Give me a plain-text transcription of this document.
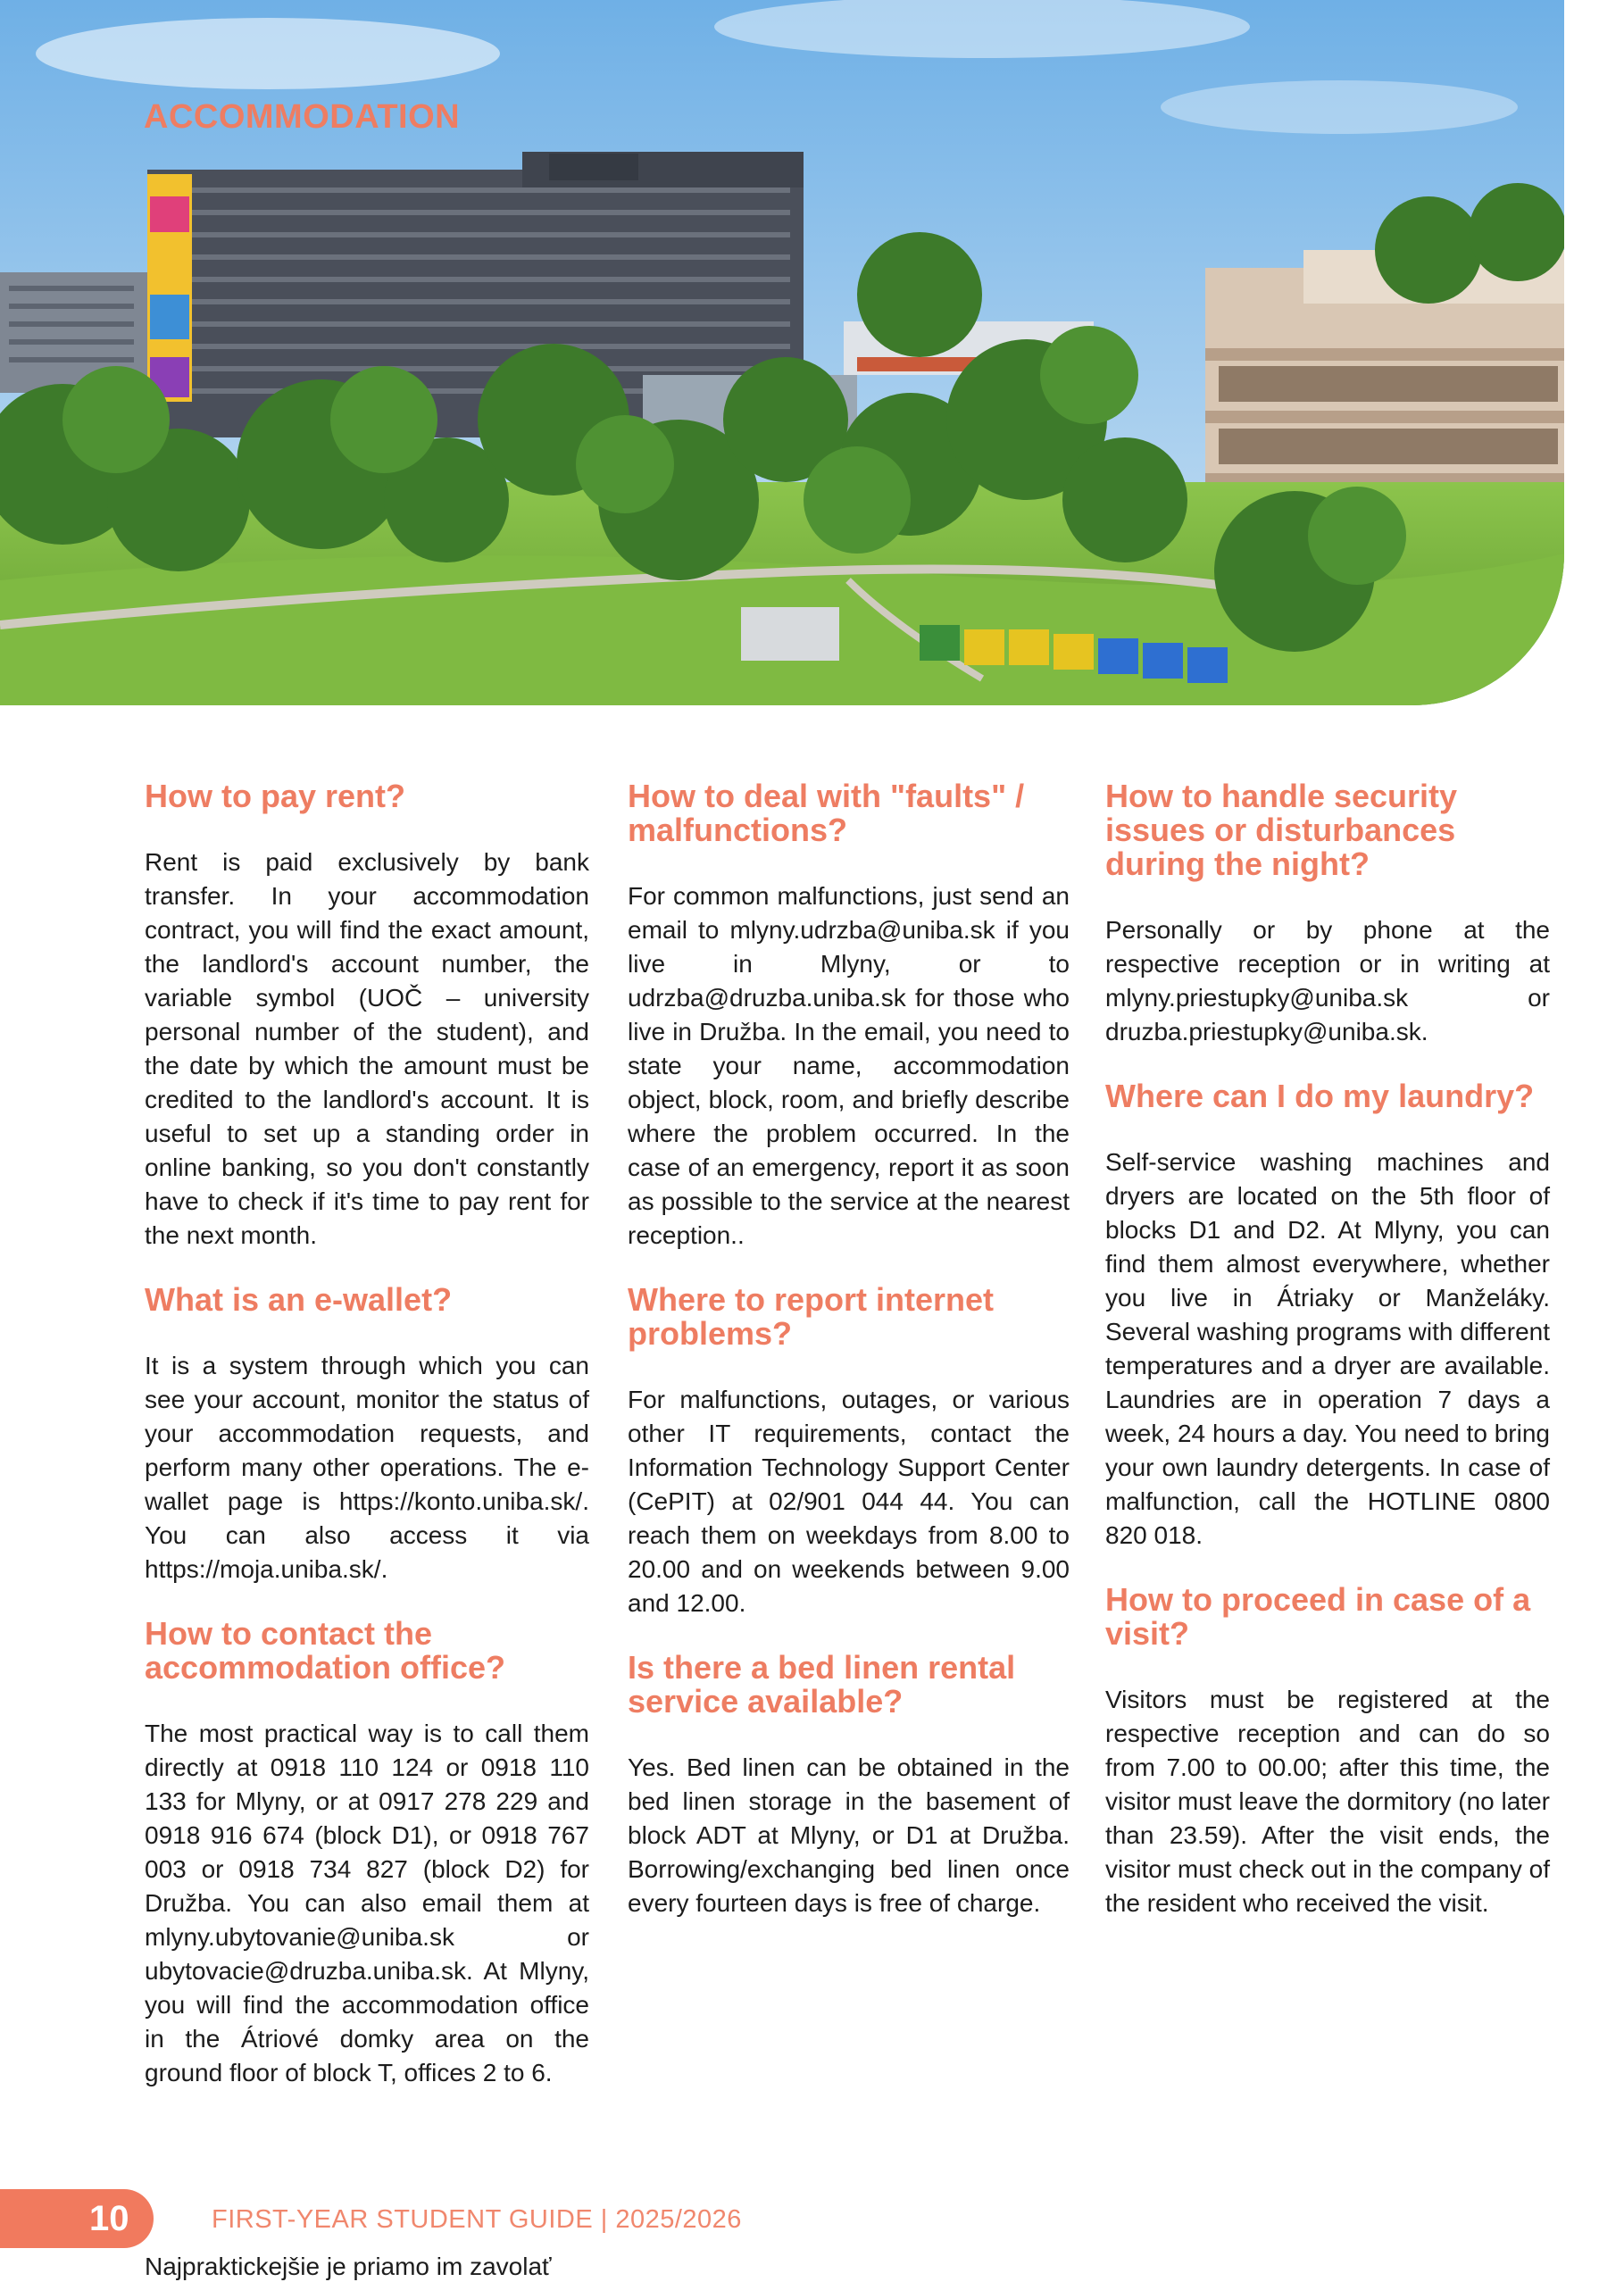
ACCOMMODATION
How to pay rent?

Rent is paid exclusively by bank transfer. In your accommodation contract, you will find the exact amount, the landlord's account number, the variable symbol (UOČ – university personal number of the student), and the date by which the amount must be credited to the landlord's account. It is useful to set up a standing order in online banking, so you don't constantly have to check if it's time to pay rent for the next month.

What is an e-wallet?

It is a system through which you can see your account, monitor the status of your accommodation requests, and perform many other operations. The e-wallet page is https://konto.uniba.sk/. You can also access it via https://moja.uniba.sk/.

How to contact the accommodation office?

The most practical way is to call them directly at 0918 110 124 or 0918 110 133 for Mlyny, or at 0917 278 229 and 0918 916 674 (block D1), or 0918 767 003 or 0918 734 827 (block D2) for Družba. You can also email them at mlyny.ubytovanie@uniba.sk or ubytovacie@druzba.uniba.sk. At Mlyny, you will find the accommodation office in the Átriové domky area on the ground floor of block T, offices 2 to 6.

How to deal with "faults" / malfunctions?

For common malfunctions, just send an email to mlyny.udrzba@uniba.sk if you live in Mlyny, or to udrzba@druzba.uniba.sk for those who live in Družba. In the email, you need to state your name, accommodation object, block, room, and briefly describe where the problem occurred. In the case of an emergency, report it as soon as possible to the service at the nearest reception..

Where to report internet problems?

For malfunctions, outages, or various other IT requirements, contact the Information Technology Support Center (CePIT) at 02/901 044 44. You can reach them on weekdays from 8.00 to 20.00 and on weekends between 9.00 and 12.00.

Is there a bed linen rental service available?

Yes. Bed linen can be obtained in the bed linen storage in the basement of block ADT at Mlyny, or D1 at Družba. Borrowing/exchanging bed linen once every fourteen days is free of charge.

How to handle security issues or disturbances during the night?

Personally or by phone at the respective reception or in writing at mlyny.priestupky@uniba.sk or druzba.priestupky@uniba.sk.

Where can I do my laundry?

Self-service washing machines and dryers are located on the 5th floor of blocks D1 and D2. At Mlyny, you can find them almost everywhere, whether you live in Átriaky or Manželáky. Several washing programs with different temperatures and a dryer are available. Laundries are in operation 7 days a week, 24 hours a day. You need to bring your own laundry detergents. In case of malfunction, call the HOTLINE 0800 820 018.

How to proceed in case of a visit?

Visitors must be registered at the respective reception and can do so from 7.00 to 00.00; after this time, the visitor must leave the dormitory (no later than 23.59). After the visit ends, the visitor must check out in the company of the resident who received the visit.

10	FIRST-YEAR STUDENT GUIDE | 2025/2026
Najpraktickejšie je priamo im zavolať
